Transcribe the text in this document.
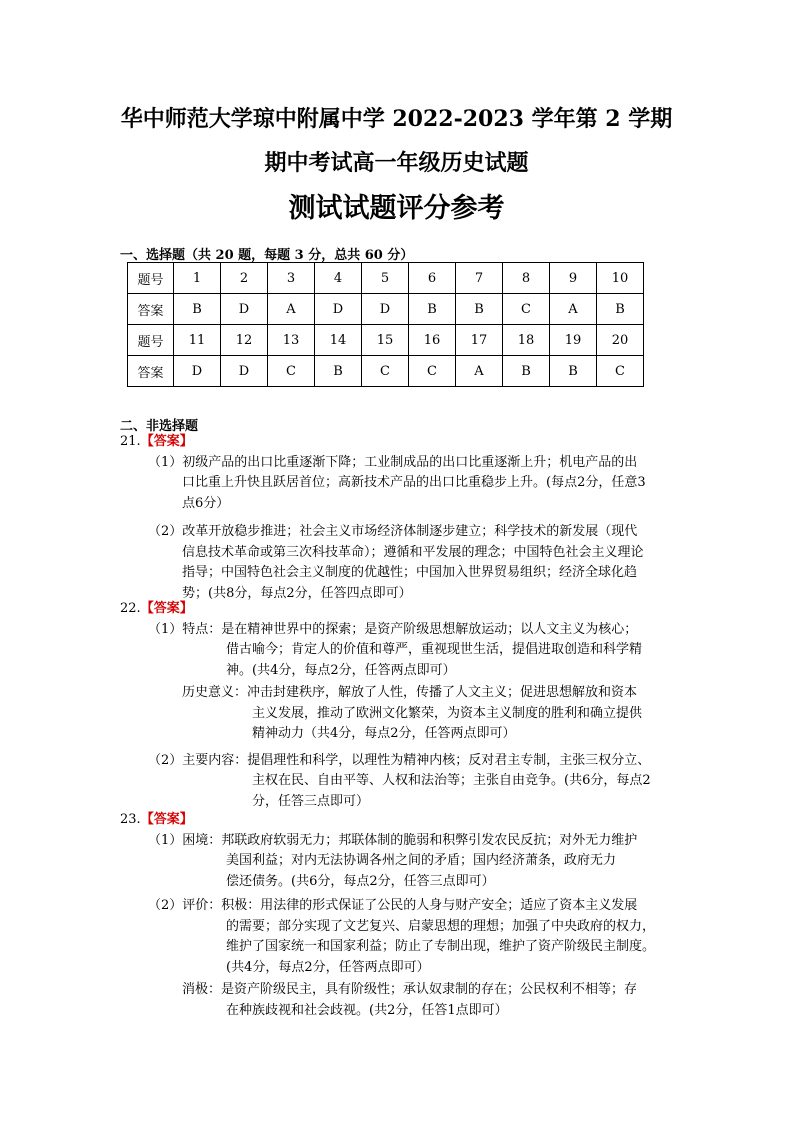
华中师范大学琼中附属中学 2022-2023 学年第 2 学期
期中考试高一年级历史试题
测试试题评分参考
一、选择题（共 20 题，每题 3 分，总共 60 分）
题号	1	2	3	4	5	6	7	8	9	10
答案	B	D	A	D	D	B	B	C	A	B
题号	11	12	13	14	15	16	17	18	19	20
答案	D	D	C	B	C	C	A	B	B	C
二、非选择题

21.【答案】

（1）初级产品的出口比重逐渐下降；工业制成品的出口比重逐渐上升；机电产品的出

口比重上升快且跃居首位；高新技术产品的出口比重稳步上升。(每点2分，任意3

点6分）

（2）改革开放稳步推进；社会主义市场经济体制逐步建立；科学技术的新发展（现代

信息技术革命或第三次科技革命）；遵循和平发展的理念；中国特色社会主义理论

指导；中国特色社会主义制度的优越性；中国加入世界贸易组织；经济全球化趋

势；(共8分，每点2分，任答四点即可）

22.【答案】

（1）特点：是在精神世界中的探索；是资产阶级思想解放运动；以人文主义为核心；

借古喻今；肯定人的价值和尊严，重视现世生活，提倡进取创造和科学精

神。(共4分，每点2分，任答两点即可）

历史意义：冲击封建秩序，解放了人性，传播了人文主义；促进思想解放和资本

主义发展，推动了欧洲文化繁荣，为资本主义制度的胜利和确立提供

精神动力（共4分，每点2分，任答两点即可）

（2）主要内容：提倡理性和科学，以理性为精神内核；反对君主专制，主张三权分立、

主权在民、自由平等、人权和法治等；主张自由竞争。(共6分，每点2

分，任答三点即可）

23.【答案】

（1）困境：邦联政府软弱无力；邦联体制的脆弱和积弊引发农民反抗；对外无力维护

美国利益；对内无法协调各州之间的矛盾；国内经济萧条，政府无力

偿还债务。(共6分，每点2分，任答三点即可）

（2）评价：积极：用法律的形式保证了公民的人身与财产安全；适应了资本主义发展

的需要；部分实现了文艺复兴、启蒙思想的理想；加强了中央政府的权力，

维护了国家统一和国家利益；防止了专制出现，维护了资产阶级民主制度。

(共4分，每点2分，任答两点即可）

消极：是资产阶级民主，具有阶级性；承认奴隶制的存在；公民权利不相等；存

在种族歧视和社会歧视。(共2分，任答1点即可）
